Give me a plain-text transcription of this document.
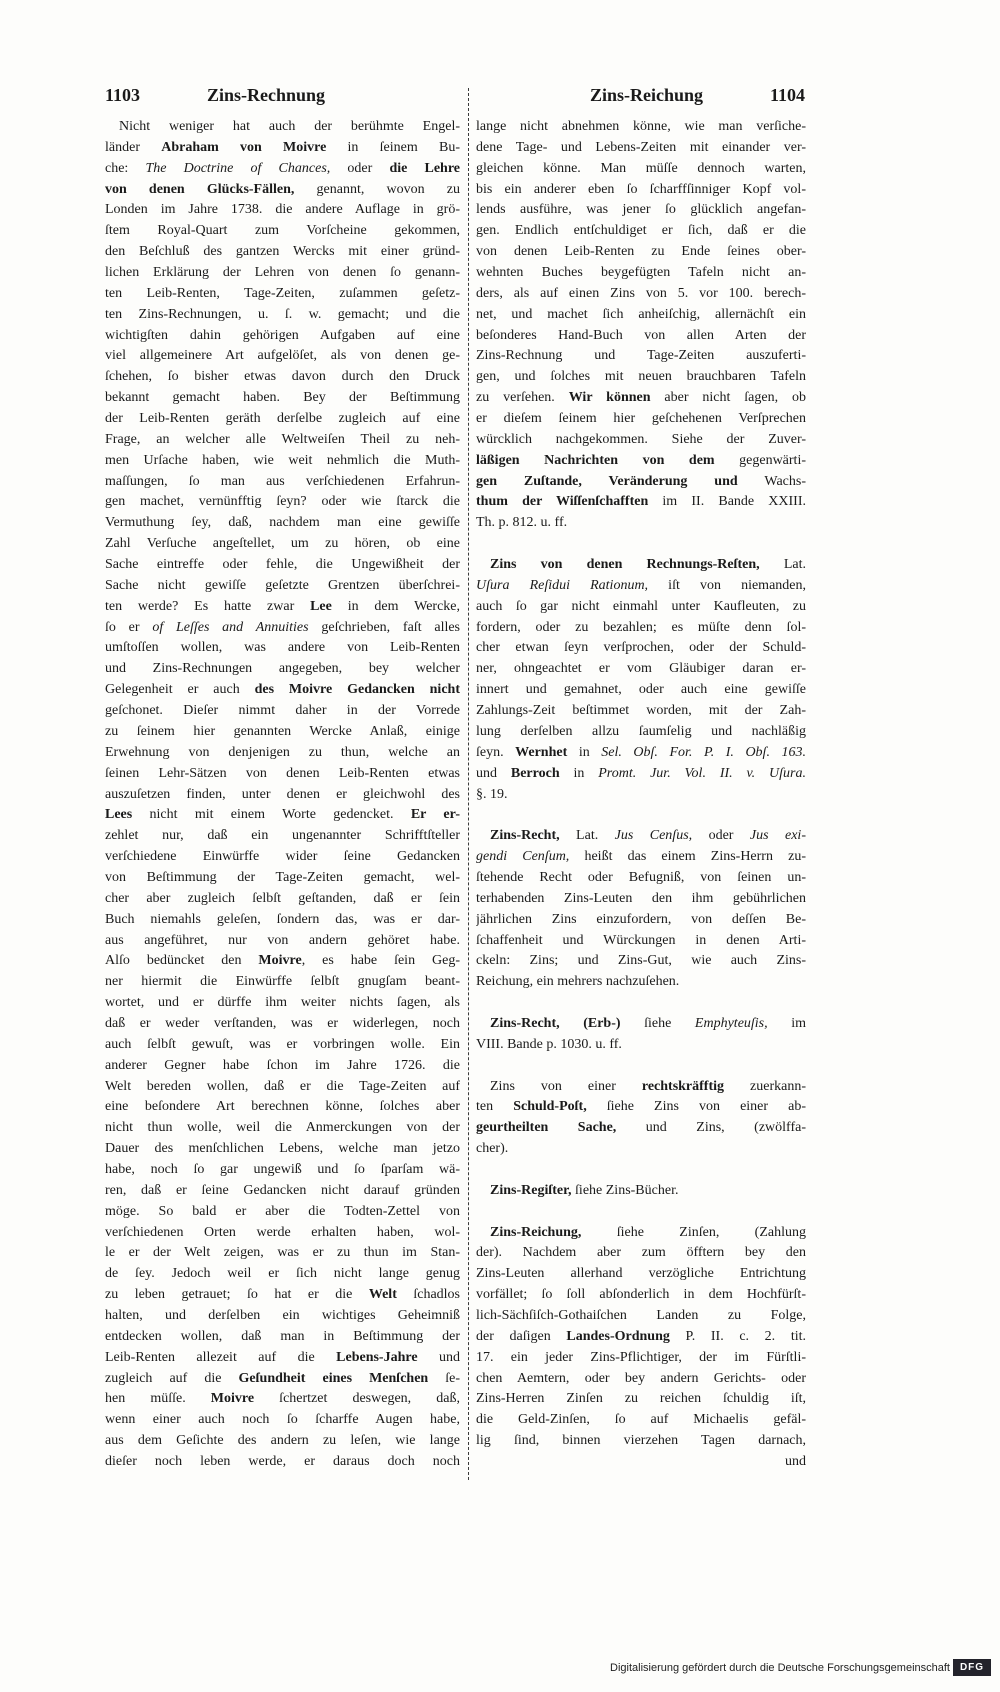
1103	Zins-Rechnung	Zins-Reichung	1104
Nicht weniger hat auch der berühmte Engel-
länder Abraham von Moivre in ſeinem Bu-
che: The Doctrine of Chances, oder die Lehre
von denen Glücks-Fällen, genannt, wovon zu
Londen im Jahre 1738. die andere Auflage in grö-
ſtem Royal-Quart zum Vorſcheine gekommen,
den Beſchluß des gantzen Wercks mit einer gründ-
lichen Erklärung der Lehren von denen ſo genann-
ten Leib-Renten, Tage-Zeiten, zuſammen geſetz-
ten Zins-Rechnungen, u. ſ. w. gemacht; und die
wichtigſten dahin gehörigen Aufgaben auf eine
viel allgemeinere Art aufgelöſet, als von denen ge-
ſchehen, ſo bisher etwas davon durch den Druck
bekannt gemacht haben. Bey der Beſtimmung
der Leib-Renten geräth derſelbe zugleich auf eine
Frage, an welcher alle Weltweiſen Theil zu neh-
men Urſache haben, wie weit nehmlich die Muth-
maſſungen, ſo man aus verſchiedenen Erfahrun-
gen machet, vernünfftig ſeyn? oder wie ſtarck die
Vermuthung ſey, daß, nachdem man eine gewiſſe
Zahl Verſuche angeſtellet, um zu hören, ob eine
Sache eintreffe oder fehle, die Ungewißheit der
Sache nicht gewiſſe geſetzte Grentzen überſchrei-
ten werde? Es hatte zwar Lee in dem Wercke,
ſo er of Leſſes and Annuities geſchrieben, faſt alles
umſtoſſen wollen, was andere von Leib-Renten
und Zins-Rechnungen angegeben, bey welcher
Gelegenheit er auch des Moivre Gedancken nicht
geſchonet. Dieſer nimmt daher in der Vorrede
zu ſeinem hier genannten Wercke Anlaß, einige
Erwehnung von denjenigen zu thun, welche an
ſeinen Lehr-Sätzen von denen Leib-Renten etwas
auszuſetzen finden, unter denen er gleichwohl des
Lees nicht mit einem Worte gedencket. Er er-
zehlet nur, daß ein ungenannter Schrifftſteller
verſchiedene Einwürffe wider ſeine Gedancken
von Beſtimmung der Tage-Zeiten gemacht, wel-
cher aber zugleich ſelbſt geſtanden, daß er ſein
Buch niemahls geleſen, ſondern das, was er dar-
aus angeführet, nur von andern gehöret habe.
Alſo bedüncket den Moivre, es habe ſein Geg-
ner hiermit die Einwürffe ſelbſt gnugſam beant-
wortet, und er dürffe ihm weiter nichts ſagen, als
daß er weder verſtanden, was er widerlegen, noch
auch ſelbſt gewuſt, was er vorbringen wolle. Ein
anderer Gegner habe ſchon im Jahre 1726. die
Welt bereden wollen, daß er die Tage-Zeiten auf
eine beſondere Art berechnen könne, ſolches aber
nicht thun wolle, weil die Anmerckungen von der
Dauer des menſchlichen Lebens, welche man jetzo
habe, noch ſo gar ungewiß und ſo ſparſam wä-
ren, daß er ſeine Gedancken nicht darauf gründen
möge. So bald er aber die Todten-Zettel von
verſchiedenen Orten werde erhalten haben, wol-
le er der Welt zeigen, was er zu thun im Stan-
de ſey. Jedoch weil er ſich nicht lange genug
zu leben getrauet; ſo hat er die Welt ſchadlos
halten, und derſelben ein wichtiges Geheimniß
entdecken wollen, daß man in Beſtimmung der
Leib-Renten allezeit auf die Lebens-Jahre und
zugleich auf die Geſundheit eines Menſchen ſe-
hen müſſe. Moivre ſchertzet deswegen, daß,
wenn einer auch noch ſo ſcharffe Augen habe,
aus dem Geſichte des andern zu leſen, wie lange
dieſer noch leben werde, er daraus doch noch
lange nicht abnehmen könne, wie man verſiche-
dene Tage- und Lebens-Zeiten mit einander ver-
gleichen könne. Man müſſe dennoch warten,
bis ein anderer eben ſo ſcharffſinniger Kopf vol-
lends ausführe, was jener ſo glücklich angefan-
gen. Endlich entſchuldiget er ſich, daß er die
von denen Leib-Renten zu Ende ſeines ober-
wehnten Buches beygefügten Tafeln nicht an-
ders, als auf einen Zins von 5. vor 100. berech-
net, und machet ſich anheiſchig, allernächſt ein
beſonderes Hand-Buch von allen Arten der
Zins-Rechnung und Tage-Zeiten auszuferti-
gen, und ſolches mit neuen brauchbaren Tafeln
zu verſehen. Wir können aber nicht ſagen, ob
er dieſem ſeinem hier geſchehenen Verſprechen
würcklich nachgekommen. Siehe der Zuver-
läßigen Nachrichten von dem gegenwärti-
gen Zuſtande, Veränderung und Wachs-
thum der Wiſſenſchafften im II. Bande XXIII.
Th. p. 812. u. ff.
Zins von denen Rechnungs-Reſten, Lat.
Uſura Reſidui Rationum, iſt von niemanden,
auch ſo gar nicht einmahl unter Kaufleuten, zu
fordern, oder zu bezahlen; es müſte denn ſol-
cher etwan ſeyn verſprochen, oder der Schuld-
ner, ohngeachtet er vom Gläubiger daran er-
innert und gemahnet, oder auch eine gewiſſe
Zahlungs-Zeit beſtimmet worden, mit der Zah-
lung derſelben allzu ſaumſelig und nachläßig
ſeyn. Wernhet in Sel. Obſ. For. P. I. Obſ. 163.
und Berroch in Promt. Jur. Vol. II. v. Uſura.
§. 19.
Zins-Recht, Lat. Jus Cenſus, oder Jus exi-
gendi Cenſum, heißt das einem Zins-Herrn zu-
ſtehende Recht oder Befugniß, von ſeinen un-
terhabenden Zins-Leuten den ihm gebührlichen
jährlichen Zins einzufordern, von deſſen Be-
ſchaffenheit und Würckungen in denen Arti-
ckeln: Zins; und Zins-Gut, wie auch Zins-
Reichung, ein mehrers nachzuſehen.
Zins-Recht, (Erb-) ſiehe Emphyteuſis, im
VIII. Bande p. 1030. u. ff.
Zins von einer rechtskräfftig zuerkann-
ten Schuld-Poſt, ſiehe Zins von einer ab-
geurtheilten Sache, und Zins, (zwölffa-
cher).
Zins-Regiſter, ſiehe Zins-Bücher.
Zins-Reichung, ſiehe Zinſen, (Zahlung
der). Nachdem aber zum öfftern bey den
Zins-Leuten allerhand verzögliche Entrichtung
vorfället; ſo ſoll abſonderlich in dem Hochfürſt-
lich-Sächſiſch-Gothaiſchen Landen zu Folge,
der daſigen Landes-Ordnung P. II. c. 2. tit.
17. ein jeder Zins-Pflichtiger, der im Fürſtli-
chen Aemtern, oder bey andern Gerichts- oder
Zins-Herren Zinſen zu reichen ſchuldig iſt,
die Geld-Zinſen, ſo auf Michaelis gefäl-
lig ſind, binnen vierzehen Tagen darnach,
und
Digitalisierung gefördert durch die Deutsche Forschungsgemeinschaft DFG
